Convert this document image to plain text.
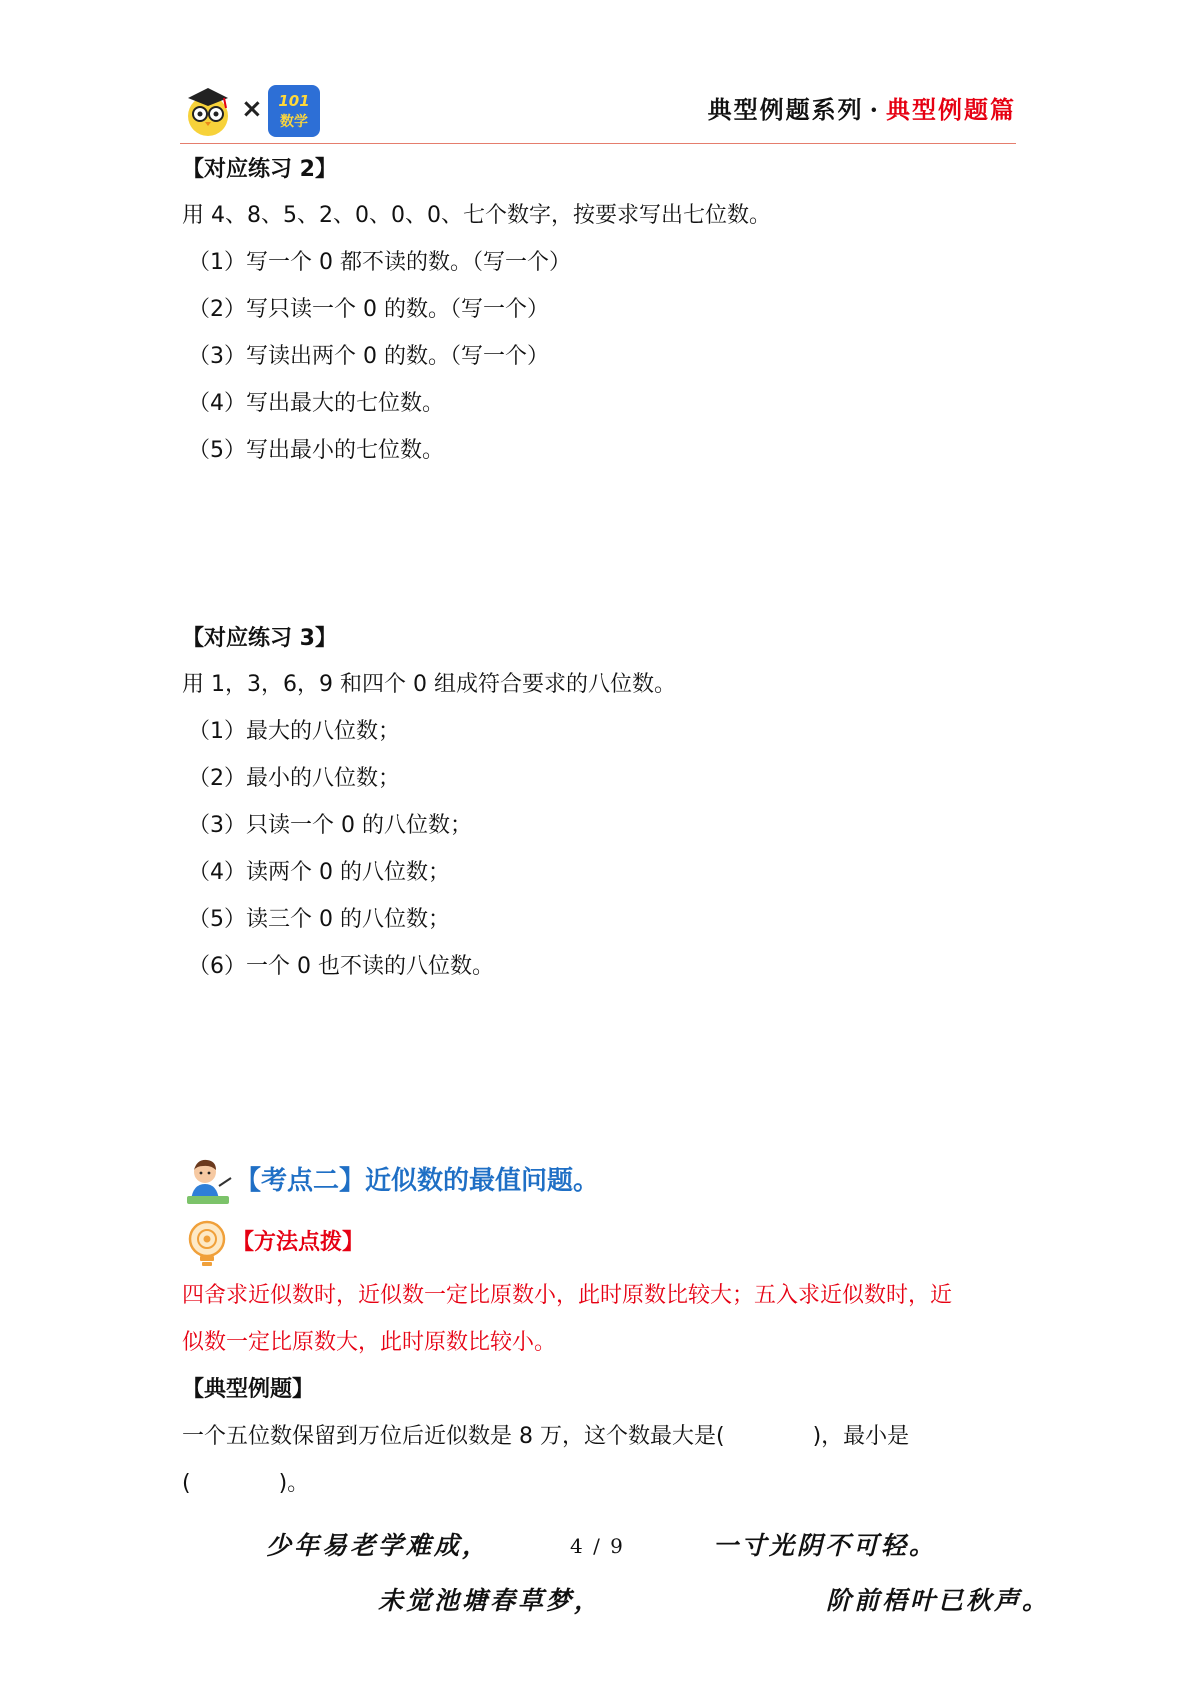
× 101
数学	典型例题系列 · 典型例题篇
【对应练习 2】
用 4、8、5、2、0、0、0、七个数字，按要求写出七位数。
（1）写一个 0 都不读的数。（写一个）
（2）写只读一个 0 的数。（写一个）
（3）写读出两个 0 的数。（写一个）
（4）写出最大的七位数。
（5）写出最小的七位数。
【对应练习 3】
用 1，3，6，9 和四个 0 组成符合要求的八位数。
（1）最大的八位数；
（2）最小的八位数；
（3）只读一个 0 的八位数；
（4）读两个 0 的八位数；
（5）读三个 0 的八位数；
（6）一个 0 也不读的八位数。
【考点二】近似数的最值问题。
【方法点拨】
四舍求近似数时，近似数一定比原数小，此时原数比较大；五入求近似数时，近
似数一定比原数大，此时原数比较小。
【典型例题】
一个五位数保留到万位后近似数是 8 万，这个数最大是(　　　　)，最小是
(　　　　)。
少年易老学难成，	4 / 9	一寸光阴不可轻。
未觉池塘春草梦，	阶前梧叶已秋声。
